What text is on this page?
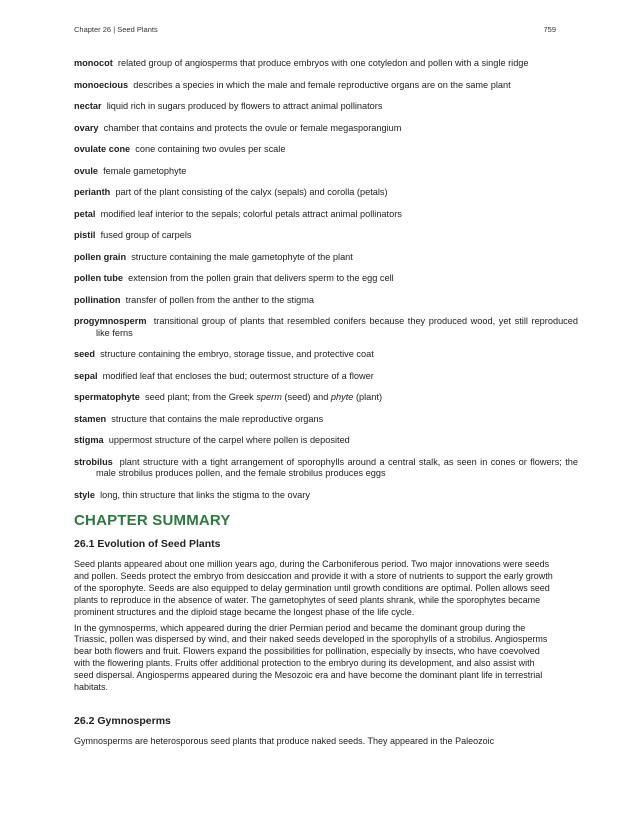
Chapter 26 | Seed Plants	759

monocot related group of angiosperms that produce embryos with one cotyledon and pollen with a single ridge

monoecious describes a species in which the male and female reproductive organs are on the same plant

nectar liquid rich in sugars produced by flowers to attract animal pollinators

ovary chamber that contains and protects the ovule or female megasporangium

ovulate cone cone containing two ovules per scale

ovule female gametophyte

perianth part of the plant consisting of the calyx (sepals) and corolla (petals)

petal modified leaf interior to the sepals; colorful petals attract animal pollinators

pistil fused group of carpels

pollen grain structure containing the male gametophyte of the plant

pollen tube extension from the pollen grain that delivers sperm to the egg cell

pollination transfer of pollen from the anther to the stigma

progymnosperm transitional group of plants that resembled conifers because they produced wood, yet still reproduced like ferns

seed structure containing the embryo, storage tissue, and protective coat

sepal modified leaf that encloses the bud; outermost structure of a flower

spermatophyte seed plant; from the Greek sperm (seed) and phyte (plant)

stamen structure that contains the male reproductive organs

stigma uppermost structure of the carpel where pollen is deposited

strobilus plant structure with a tight arrangement of sporophylls around a central stalk, as seen in cones or flowers; the male strobilus produces pollen, and the female strobilus produces eggs

style long, thin structure that links the stigma to the ovary

CHAPTER SUMMARY
26.1 Evolution of Seed Plants

Seed plants appeared about one million years ago, during the Carboniferous period. Two major innovations were seeds and pollen. Seeds protect the embryo from desiccation and provide it with a store of nutrients to support the early growth of the sporophyte. Seeds are also equipped to delay germination until growth conditions are optimal. Pollen allows seed plants to reproduce in the absence of water. The gametophytes of seed plants shrank, while the sporophytes became prominent structures and the diploid stage became the longest phase of the life cycle.

In the gymnosperms, which appeared during the drier Permian period and became the dominant group during the Triassic, pollen was dispersed by wind, and their naked seeds developed in the sporophylls of a strobilus. Angiosperms bear both flowers and fruit. Flowers expand the possibilities for pollination, especially by insects, who have coevolved with the flowering plants. Fruits offer additional protection to the embryo during its development, and also assist with seed dispersal. Angiosperms appeared during the Mesozoic era and have become the dominant plant life in terrestrial habitats.

26.2 Gymnosperms

Gymnosperms are heterosporous seed plants that produce naked seeds. They appeared in the Paleozoic
